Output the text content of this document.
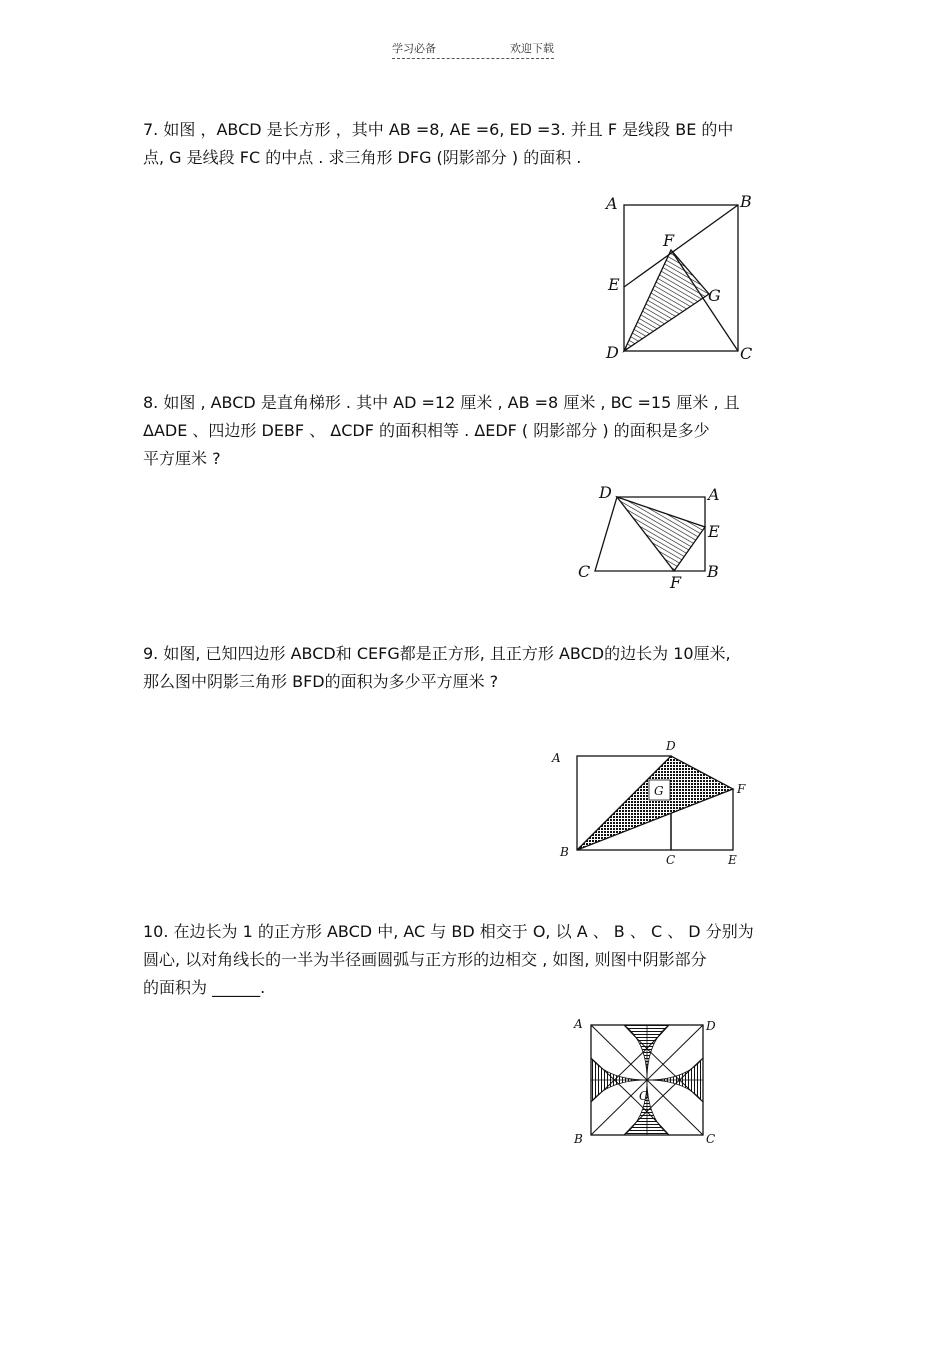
学习必备	欢迎下载

7. 如图 ，ABCD 是长方形 ，其中 AB =8, AE =6, ED =3. 并且 F 是线段 BE 的中

点, G 是线段 FC 的中点 . 求三角形 DFG (阴影部分 ) 的面积 .

A	B
F
E
G
D	C

8. 如图 , ABCD 是直角梯形 . 其中 AD =12 厘米 , AB =8 厘米 , BC =15 厘米 , 且

ΔADE 、四边形 DEBF 、 ΔCDF 的面积相等 . ΔEDF ( 阴影部分 ) 的面积是多少

平方厘米 ?

D	A
E
C
F
B

9. 如图, 已知四边形 ABCD和 CEFG都是正方形, 且正方形 ABCD的边长为 10厘米,

那么图中阴影三角形 BFD的面积为多少平方厘米 ?

A
D
F
G
B
C	E

10. 在边长为 1 的正方形 ABCD 中, AC 与 BD 相交于 O, 以 A 、 B 、 C 、 D 分别为

圆心, 以对角线长的一半为半径画圆弧与正方形的边相交 , 如图, 则图中阴影部分

的面积为 ______.

A	D
O
B	C
